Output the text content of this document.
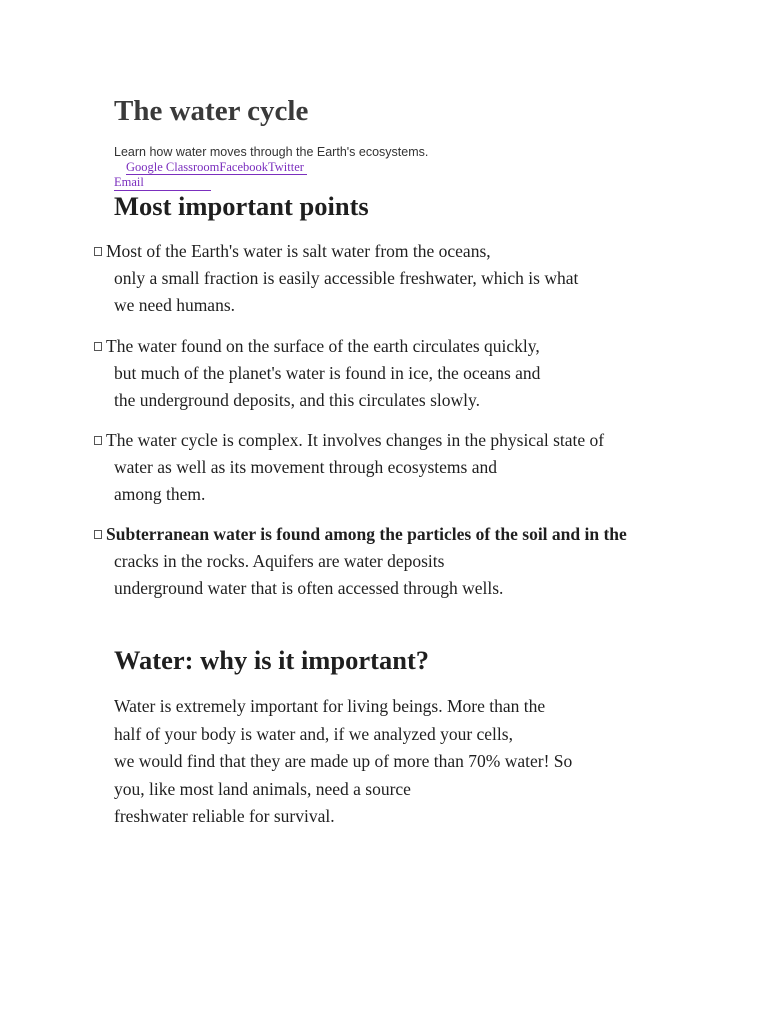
The water cycle

Learn how water moves through the Earth's ecosystems.

Google ClassroomFacebookTwitter
Email
Most important points
Most of the Earth's water is salt water from the oceans,
only a small fraction is easily accessible freshwater, which is what
we need humans.
The water found on the surface of the earth circulates quickly,
but much of the planet's water is found in ice, the oceans and
the underground deposits, and this circulates slowly.
The water cycle is complex. It involves changes in the physical state of
water as well as its movement through ecosystems and
among them.
Subterranean water is found among the particles of the soil and in the
cracks in the rocks. Aquifers are water deposits
underground water that is often accessed through wells.
Water: why is it important?
Water is extremely important for living beings. More than the
half of your body is water and, if we analyzed your cells,
we would find that they are made up of more than 70% water! So
you, like most land animals, need a source
freshwater reliable for survival.
